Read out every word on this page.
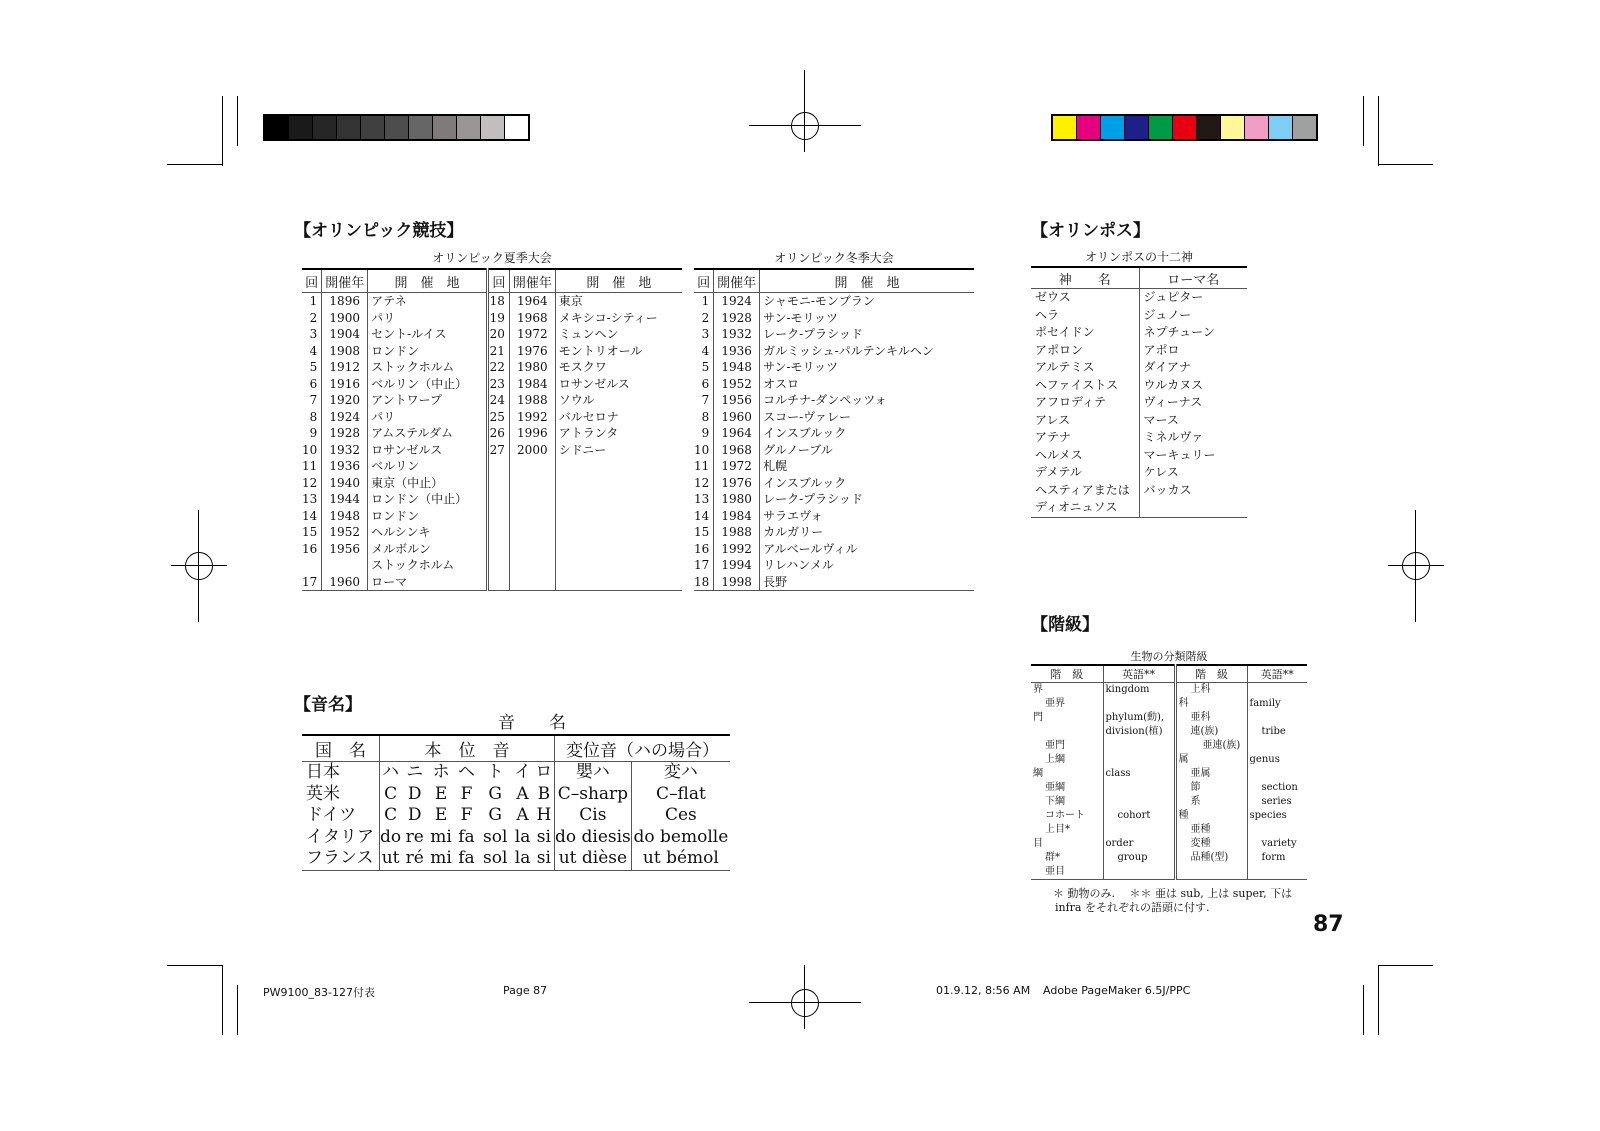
【オリンピック競技】
オリンピック夏季大会	オリンピック冬季大会
回	開催年	開　催　地	回	開催年	開　催　地
1	1896	アテネ	18	1964	東京
2	1900	パリ	19	1968	メキシコ-シティー
3	1904	セント-ルイス	20	1972	ミュンヘン
4	1908	ロンドン	21	1976	モントリオール
5	1912	ストックホルム	22	1980	モスクワ
6	1916	ベルリン（中止）	23	1984	ロサンゼルス
7	1920	アントワープ	24	1988	ソウル
8	1924	パリ	25	1992	バルセロナ
9	1928	アムステルダム	26	1996	アトランタ
10	1932	ロサンゼルス	27	2000	シドニー
11	1936	ベルリン			
12	1940	東京（中止）			
13	1944	ロンドン（中止）			
14	1948	ロンドン			
15	1952	ヘルシンキ			
16	1956	メルボルン			
		ストックホルム			
17	1960	ローマ			
回	開催年	開　催　地
1	1924	シャモニ-モンブラン
2	1928	サン-モリッツ
3	1932	レーク-プラシッド
4	1936	ガルミッシュ-パルテンキルヘン
5	1948	サン-モリッツ
6	1952	オスロ
7	1956	コルチナ-ダンペッツォ
8	1960	スコー-ヴァレー
9	1964	インスブルック
10	1968	グルノーブル
11	1972	札幌
12	1976	インスブルック
13	1980	レーク-プラシッド
14	1984	サラエヴォ
15	1988	カルガリー
16	1992	アルベールヴィル
17	1994	リレハンメル
18	1998	長野
【オリンポス】
オリンポスの十二神
神　　名	ローマ名
ゼウス	ジュピター
ヘラ	ジュノー
ポセイドン	ネプチューン
アポロン	アポロ
アルテミス	ダイアナ
ヘファイストス	ウルカヌス
アフロディテ	ヴィーナス
アレス	マース
アテナ	ミネルヴァ
ヘルメス	マーキュリー
デメテル	ケレス
ヘスティアまたは	バッカス
ディオニュソス	
【音名】
音　　名
国　名	本　位　音							変位音（ハの場合）	
日本	ハ	ニ	ホ	ヘ	ト	イ	ロ	嬰ハ	変ハ
英米	C	D	E	F	G	A	B	C–sharp	C–flat
ドイツ	C	D	E	F	G	A	H	Cis	Ces
イタリア	do	re	mi	fa	sol	la	si	do diesis	do bemolle
フランス	ut	ré	mi	fa	sol	la	si	ut dièse	ut bémol
【階級】
生物の分類階級
階　級	英語**	階　級	英語**
界	kingdom	上科	
亜界		科	family
門	phylum(動),	亜科	
	division(植)	連(族)	tribe
亜門		亜連(族)	
上綱		属	genus
綱	class	亜属	
亜綱		節	section
下綱		系	series
コホート	cohort	種	species
上目*		亜種	
目	order	変種	variety
群*	group	品種(型)	form
亜目			
＊ 動物のみ.　 ＊＊ 亜は sub, 上は super, 下は
infra をそれぞれの語頭に付す.
87
PW9100_83-127付表	Page 87	01.9.12, 8:56 AM Adobe PageMaker 6.5J/PPC
